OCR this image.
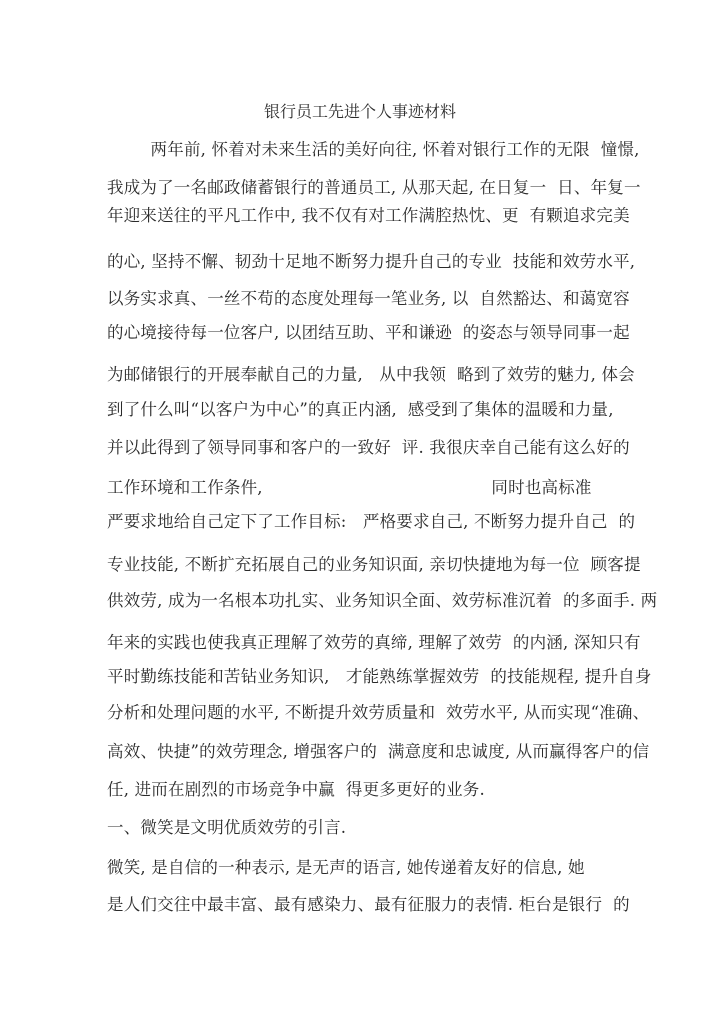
银行员工先进个人事迹材料
两年前, 怀着对未来生活的美好向往, 怀着对银行工作的无限  憧憬,
我成为了一名邮政储蓄银行的普通员工, 从那天起, 在日复一  日、年复一
年迎来送往的平凡工作中, 我不仅有对工作满腔热忱、更  有颗追求完美
的心, 坚持不懈、韧劲十足地不断努力提升自己的专业  技能和效劳水平,
以务实求真、一丝不苟的态度处理每一笔业务, 以  自然豁达、和蔼宽容
的心境接待每一位客户, 以团结互助、平和谦逊  的姿态与领导同事一起
为邮储银行的开展奉献自己的力量,   从中我领  略到了效劳的魅力, 体会
到了什么叫“以客户为中心”的真正内涵,  感受到了集体的温暖和力量,
并以此得到了领导同事和客户的一致好  评. 我很庆幸自己能有这么好的
工作环境和工作条件,                                          同时也高标准
严要求地给自己定下了工作目标:   严格要求自己, 不断努力提升自己  的
专业技能, 不断扩充拓展自己的业务知识面, 亲切快捷地为每一位  顾客提
供效劳, 成为一名根本功扎实、业务知识全面、效劳标准沉着  的多面手. 两
年来的实践也使我真正理解了效劳的真缔, 理解了效劳  的内涵, 深知只有
平时勤练技能和苦钻业务知识,   才能熟练掌握效劳  的技能规程, 提升自身
分析和处理问题的水平, 不断提升效劳质量和  效劳水平, 从而实现“准确、
高效、快捷”的效劳理念, 增强客户的  满意度和忠诚度, 从而赢得客户的信
任, 进而在剧烈的市场竞争中赢  得更多更好的业务.
一、微笑是文明优质效劳的引言.
微笑, 是自信的一种表示, 是无声的语言, 她传递着友好的信息, 她
是人们交往中最丰富、最有感染力、最有征服力的表情. 柜台是银行  的
